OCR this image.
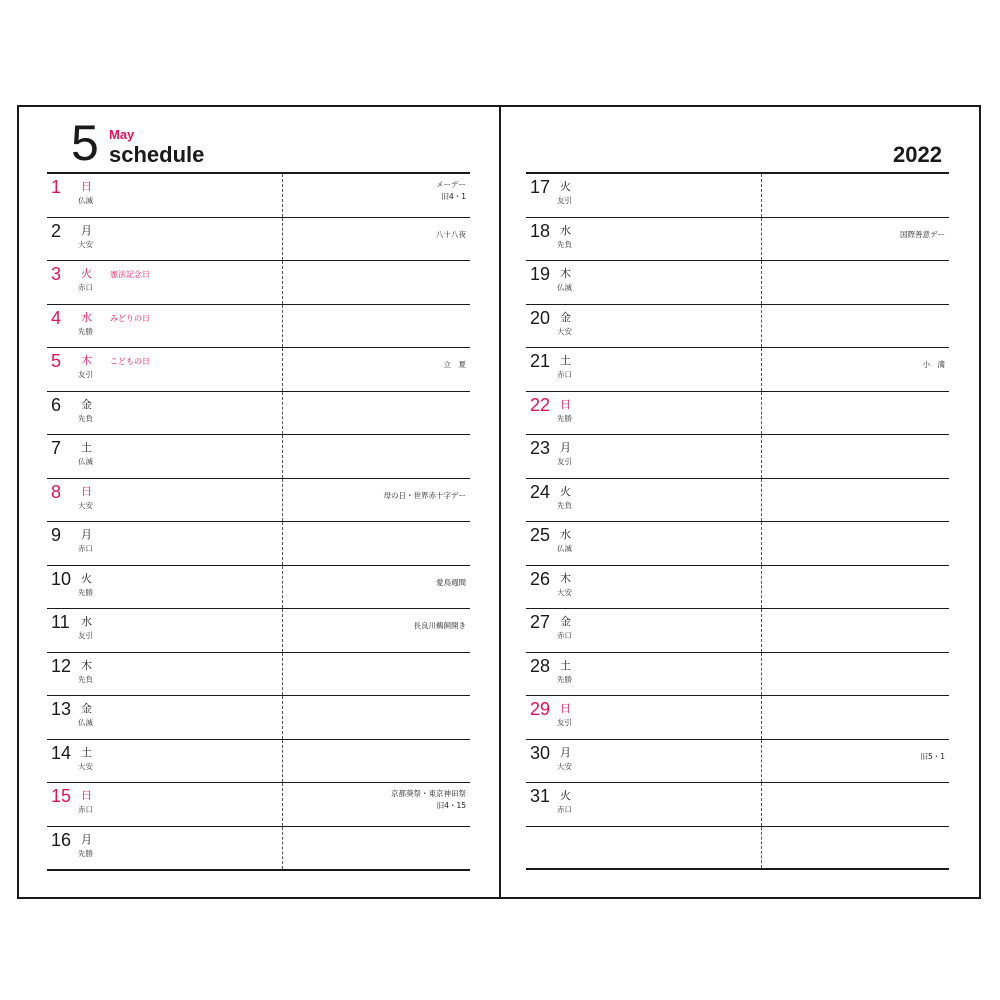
5 May
schedule	2022
1 日
仏滅
メーデー
旧4・1
2 月
大安
八十八夜
3 火
赤口
憲法記念日
4 水
先勝
みどりの日
5 木
友引
こどもの日	立　夏
6 金
先負
7 土
仏滅
8 日
大安
母の日・世界赤十字デー
9 月
赤口
10 火
先勝
愛鳥週間
11 水
友引
長良川鵜飼開き
12 木
先負
13 金
仏滅
14 土
大安
15 日
赤口
京都葵祭・東京神田祭
旧4・15
16 月
先勝
17 火
友引
18 水
先負
国際善意デー
19 木
仏滅
20 金
大安
21 土
赤口
小　満
22 日
先勝
23 月
友引
24 火
先負
25 水
仏滅
26 木
大安
27 金
赤口
28 土
先勝
29 日
友引
30 月
大安
旧5・1
31 火
赤口
